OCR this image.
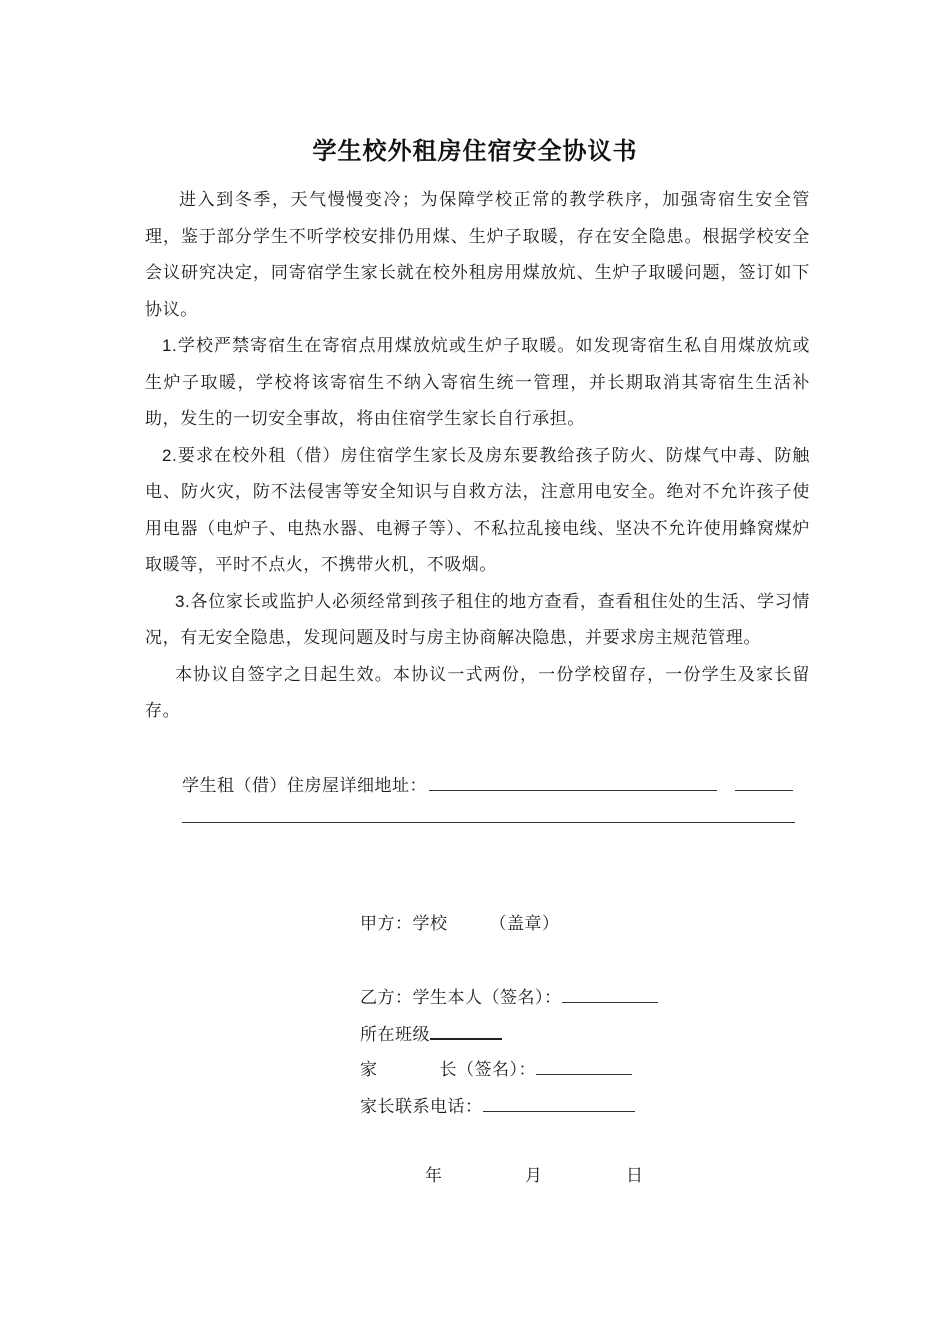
学生校外租房住宿安全协议书

进入到冬季，天气慢慢变冷；为保障学校正常的教学秩序，加强寄宿生安全管理，鉴于部分学生不听学校安排仍用煤、生炉子取暖，存在安全隐患。根据学校安全会议研究决定，同寄宿学生家长就在校外租房用煤放炕、生炉子取暖问题，签订如下协议。

1.学校严禁寄宿生在寄宿点用煤放炕或生炉子取暖。如发现寄宿生私自用煤放炕或生炉子取暖，学校将该寄宿生不纳入寄宿生统一管理，并长期取消其寄宿生生活补助，发生的一切安全事故，将由住宿学生家长自行承担。

2.要求在校外租（借）房住宿学生家长及房东要教给孩子防火、防煤气中毒、防触电、防火灾，防不法侵害等安全知识与自救方法，注意用电安全。绝对不允许孩子使用电器（电炉子、电热水器、电褥子等）、不私拉乱接电线、坚决不允许使用蜂窝煤炉取暖等，平时不点火，不携带火机，不吸烟。

3.各位家长或监护人必须经常到孩子租住的地方查看，查看租住处的生活、学习情况，有无安全隐患，发现问题及时与房主协商解决隐患，并要求房主规范管理。

本协议自签字之日起生效。本协议一式两份，一份学校留存，一份学生及家长留存。

学生租（借）住房屋详细地址：
甲方：学校 （盖章）
乙方：学生本人（签名）：
所在班级
家	长（签名）：
家长联系电话：
年	月	日
